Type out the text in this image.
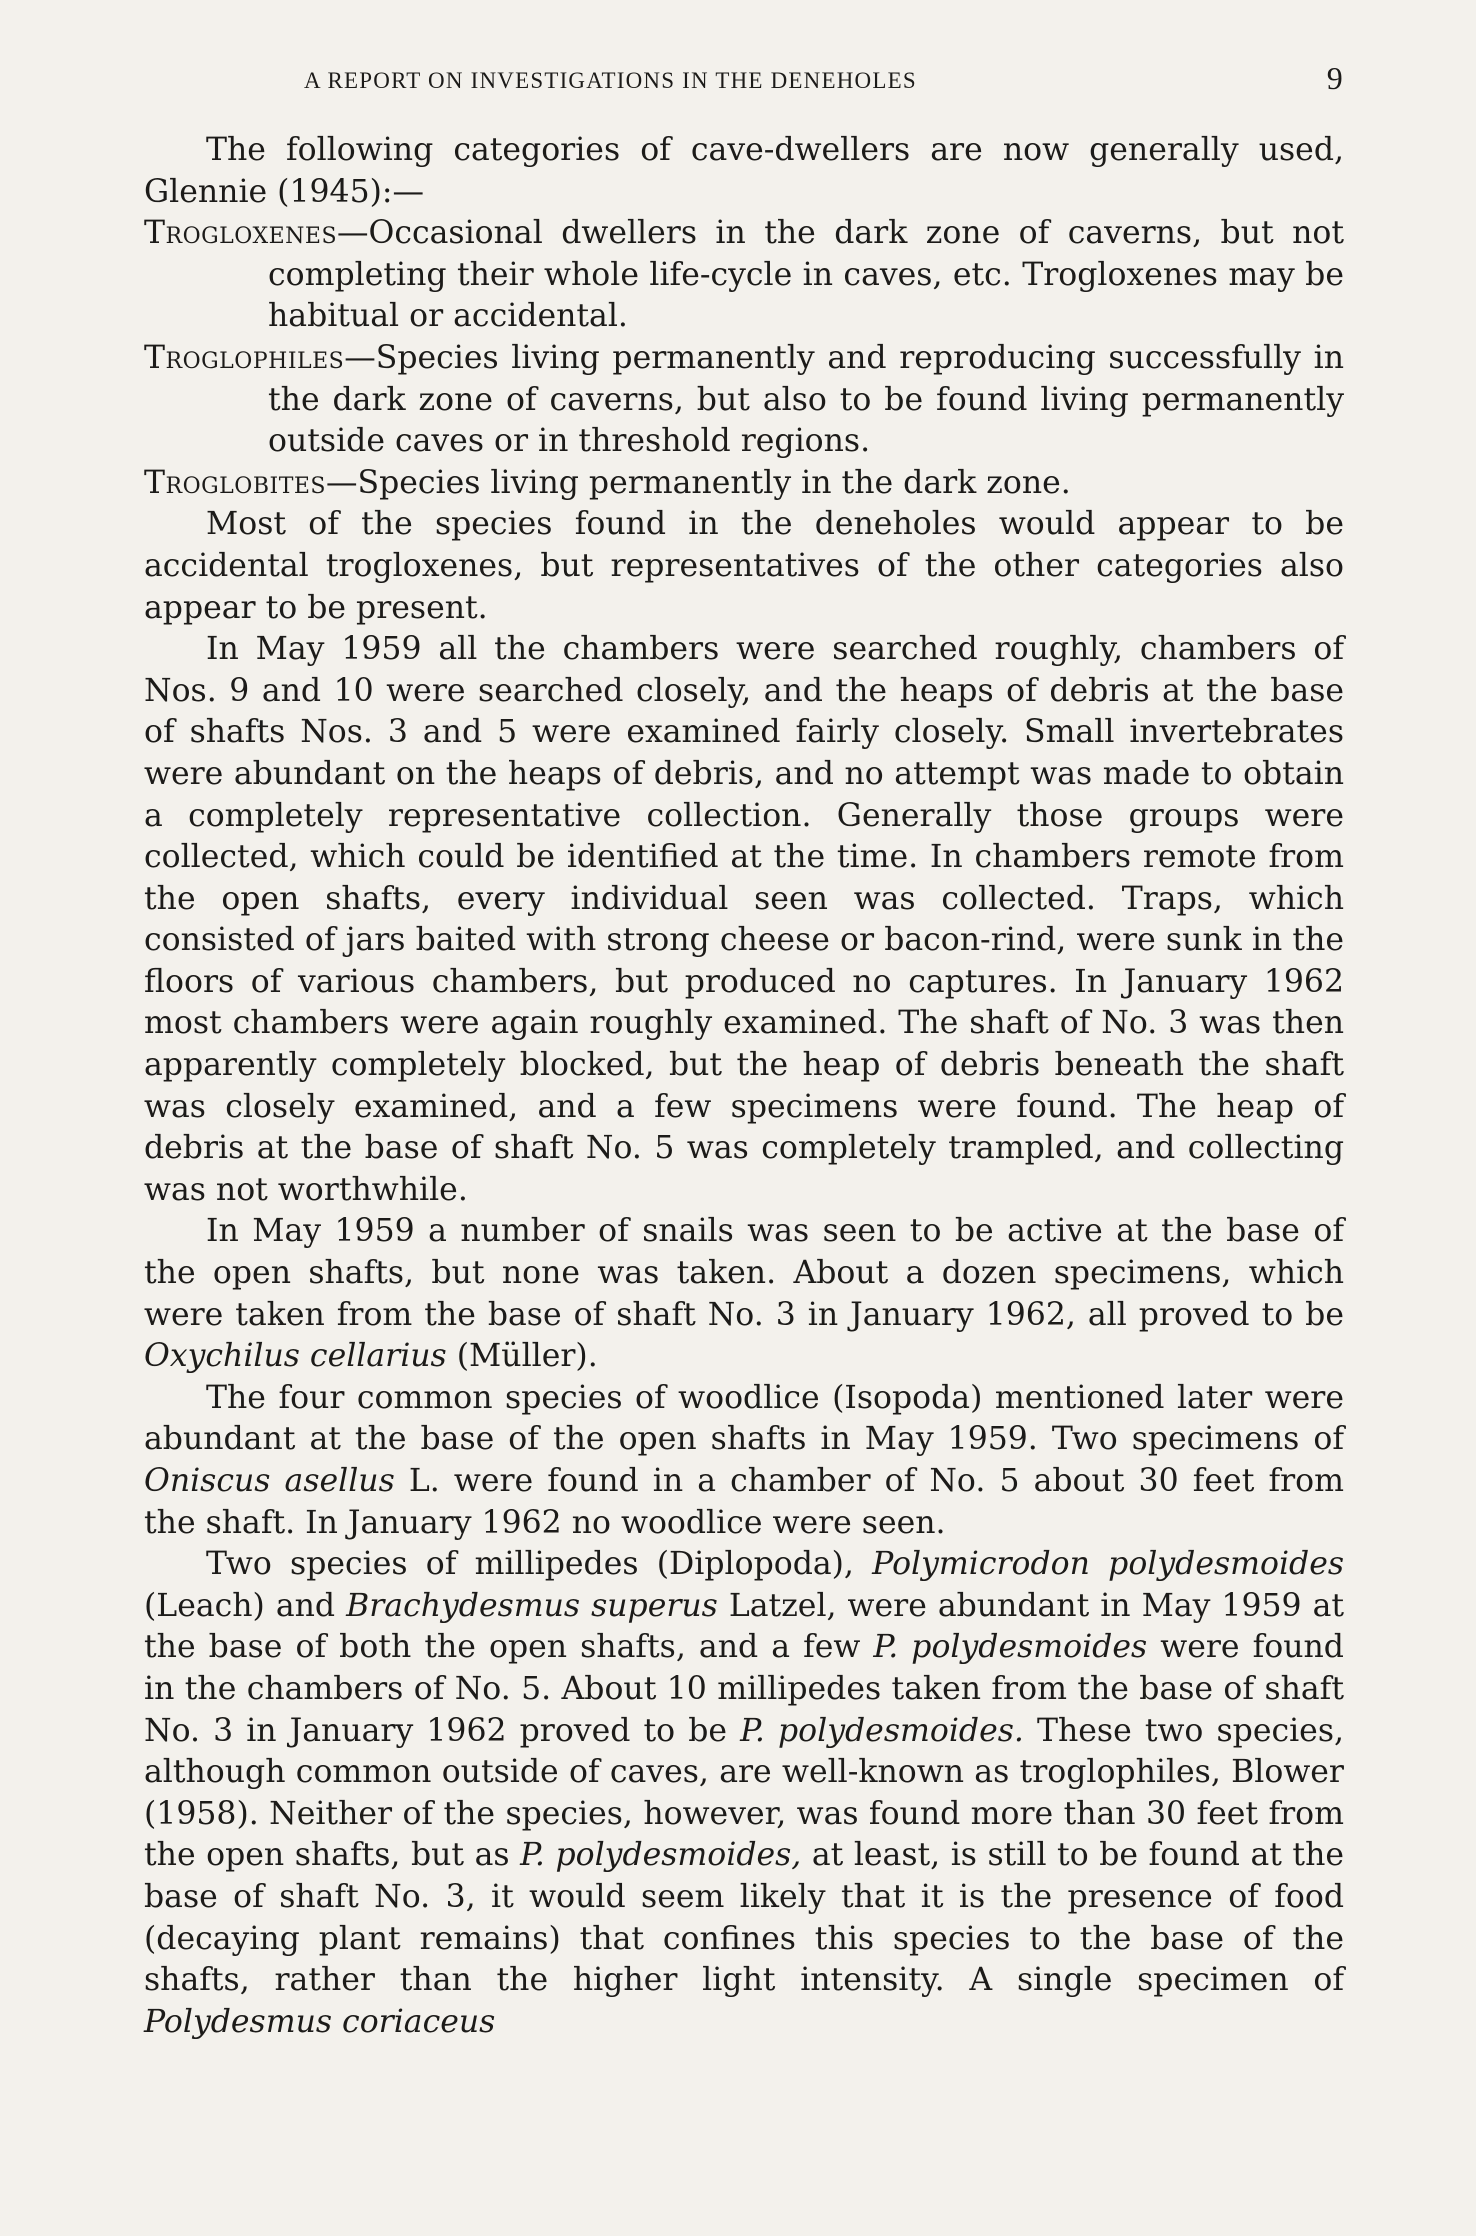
A REPORT ON INVESTIGATIONS IN THE DENEHOLES	9

The following categories of cave-dwellers are now generally used, Glennie (1945):—

Trogloxenes—Occasional dwellers in the dark zone of caverns, but not completing their whole life-cycle in caves, etc. Trogloxenes may be habitual or accidental.

Troglophiles—Species living permanently and reproducing successfully in the dark zone of caverns, but also to be found living permanently outside caves or in threshold regions.

Troglobites—Species living permanently in the dark zone.

Most of the species found in the deneholes would appear to be accidental trogloxenes, but representatives of the other categories also appear to be present.

In May 1959 all the chambers were searched roughly, chambers of Nos. 9 and 10 were searched closely, and the heaps of debris at the base of shafts Nos. 3 and 5 were examined fairly closely. Small invertebrates were abundant on the heaps of debris, and no attempt was made to obtain a completely representative collection. Generally those groups were collected, which could be identified at the time. In chambers remote from the open shafts, every individual seen was collected. Traps, which consisted of jars baited with strong cheese or bacon-rind, were sunk in the floors of various chambers, but produced no captures. In January 1962 most chambers were again roughly examined. The shaft of No. 3 was then apparently completely blocked, but the heap of debris beneath the shaft was closely examined, and a few specimens were found. The heap of debris at the base of shaft No. 5 was completely trampled, and collecting was not worthwhile.

In May 1959 a number of snails was seen to be active at the base of the open shafts, but none was taken. About a dozen specimens, which were taken from the base of shaft No. 3 in January 1962, all proved to be Oxychilus cellarius (Müller).

The four common species of woodlice (Isopoda) mentioned later were abundant at the base of the open shafts in May 1959. Two specimens of Oniscus asellus L. were found in a chamber of No. 5 about 30 feet from the shaft. In January 1962 no woodlice were seen.

Two species of millipedes (Diplopoda), Polymicrodon polydesmoides (Leach) and Brachydesmus superus Latzel, were abundant in May 1959 at the base of both the open shafts, and a few P. polydesmoides were found in the chambers of No. 5. About 10 millipedes taken from the base of shaft No. 3 in January 1962 proved to be P. polydesmoides. These two species, although common outside of caves, are well-known as troglophiles, Blower (1958). Neither of the species, however, was found more than 30 feet from the open shafts, but as P. polydesmoides, at least, is still to be found at the base of shaft No. 3, it would seem likely that it is the presence of food (decaying plant remains) that confines this species to the base of the shafts, rather than the higher light intensity. A single specimen of Polydesmus coriaceus
